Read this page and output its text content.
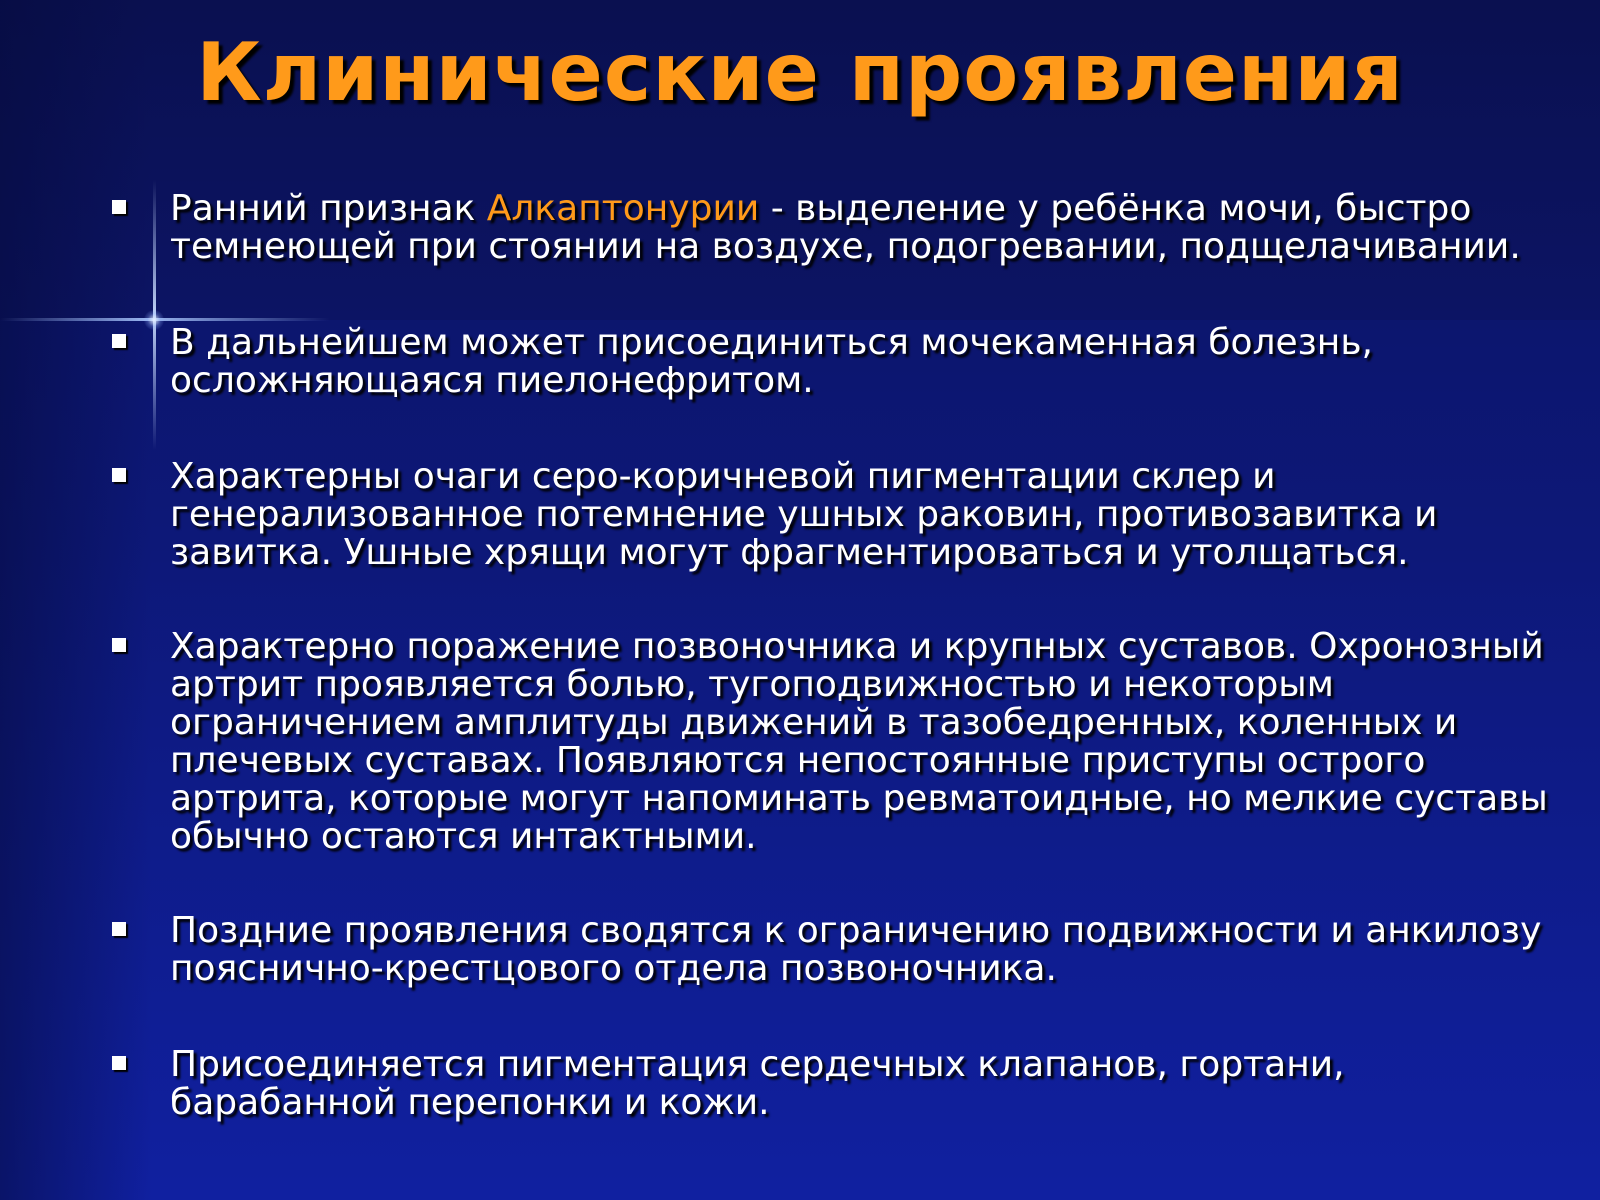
Клинические проявления

Ранний признак Алкаптонурии - выделение у ребёнка мочи, быстро темнеющей при стоянии на воздухе, подогревании, подщелачивании.

В дальнейшем может присоединиться мочекаменная болезнь, осложняющаяся пиелонефритом.

Характерны очаги серо-коричневой пигментации склер и генерализованное потемнение ушных раковин, противозавитка и завитка. Ушные хрящи могут фрагментироваться и утолщаться.

Характерно поражение позвоночника и крупных суставов. Охронозный артрит проявляется болью, тугоподвижностью и некоторым ограничением амплитуды движений в тазобедренных, коленных и плечевых суставах. Появляются непостоянные приступы острого артрита, которые могут напоминать ревматоидные, но мелкие суставы обычно остаются интактными.

Поздние проявления сводятся к ограничению подвижности и анкилозу пояснично-крестцового отдела позвоночника.

Присоединяется пигментация сердечных клапанов, гортани, барабанной перепонки и кожи.
